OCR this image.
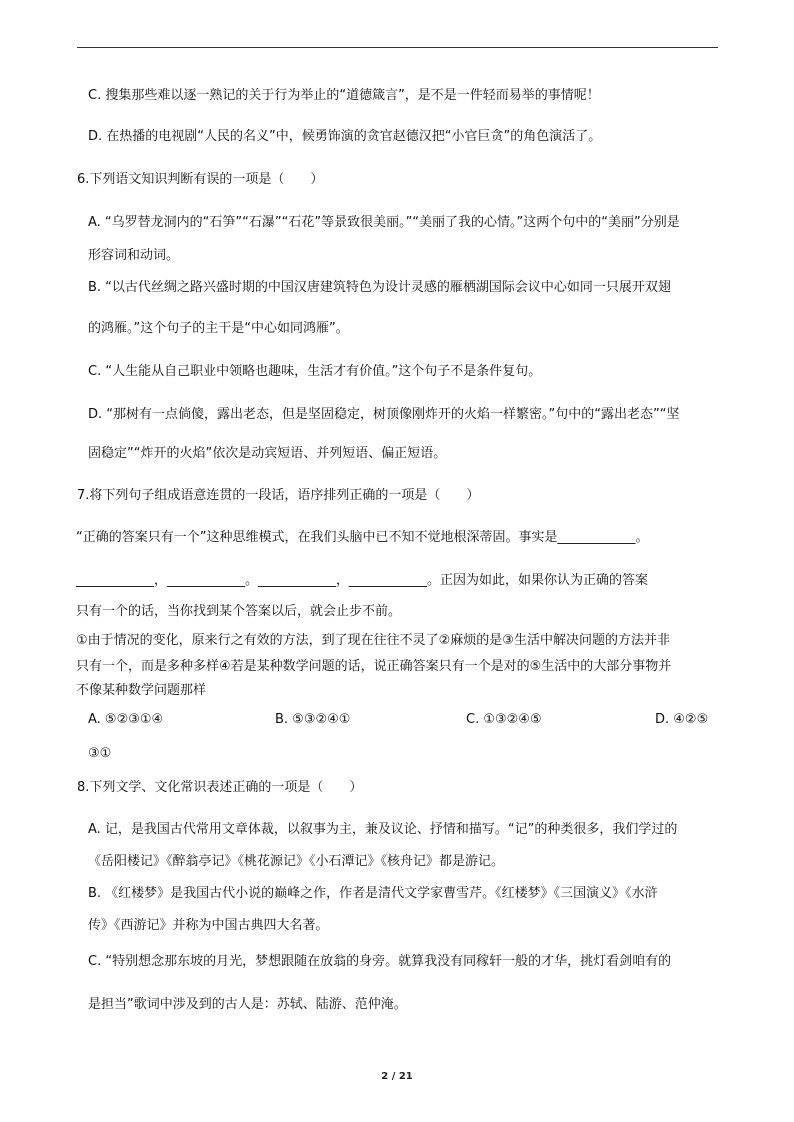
C. 搜集那些难以逐一熟记的关于行为举止的“道德箴言”，是不是一件轻而易举的事情呢！
D. 在热播的电视剧“人民的名义”中，候勇饰演的贪官赵德汉把“小官巨贪”的角色演活了。
6.下列语文知识判断有误的一项是（　　）
A. “乌罗替龙洞内的“石笋”“石瀑”“石花”等景致很美丽。”“美丽了我的心情。”这两个句中的“美丽”分别是
形容词和动词。
B. “以古代丝绸之路兴盛时期的中国汉唐建筑特色为设计灵感的雁栖湖国际会议中心如同一只展开双翅
的鸿雁。”这个句子的主干是“中心如同鸿雁”。
C. “人生能从自己职业中领略也趣味，生活才有价值。”这个句子不是条件复句。
D. “那树有一点倘傻，露出老态，但是坚固稳定，树顶像刚炸开的火焰一样繁密。”句中的“露出老态”“坚
固稳定”“炸开的火焰”依次是动宾短语、并列短语、偏正短语。
7.将下列句子组成语意连贯的一段话，语序排列正确的一项是（　　）
“正确的答案只有一个”这种思维模式，在我们头脑中已不知不觉地根深蒂固。事实是____________。
____________，____________。____________，____________。正因为如此，如果你认为正确的答案
只有一个的话，当你找到某个答案以后，就会止步不前。
①由于情况的变化，原来行之有效的方法，到了现在往往不灵了②麻烦的是③生活中解决问题的方法并非
只有一个，而是多种多样④若是某种数学问题的话，说正确答案只有一个是对的⑤生活中的大部分事物并
不像某种数学问题那样
A. ⑤②③①④	B. ⑤③②④①	C. ①③②④⑤	D. ④②⑤
③①
8.下列文学、文化常识表述正确的一项是（　　）
A. 记，是我国古代常用文章体裁，以叙事为主，兼及议论、抒情和描写。“记”的种类很多，我们学过的
《岳阳楼记》《醉翁亭记》《桃花源记》《小石潭记》《核舟记》都是游记。
B. 《红楼梦》是我国古代小说的巅峰之作，作者是清代文学家曹雪芹。《红楼梦》《三国演义》《水浒
传》《西游记》并称为中国古典四大名著。
C. “特别想念那东坡的月光，梦想跟随在放翁的身旁。就算我没有同稼轩一般的才华，挑灯看剑咱有的
是担当”歌词中涉及到的古人是：苏轼、陆游、范仲淹。
2 / 21
